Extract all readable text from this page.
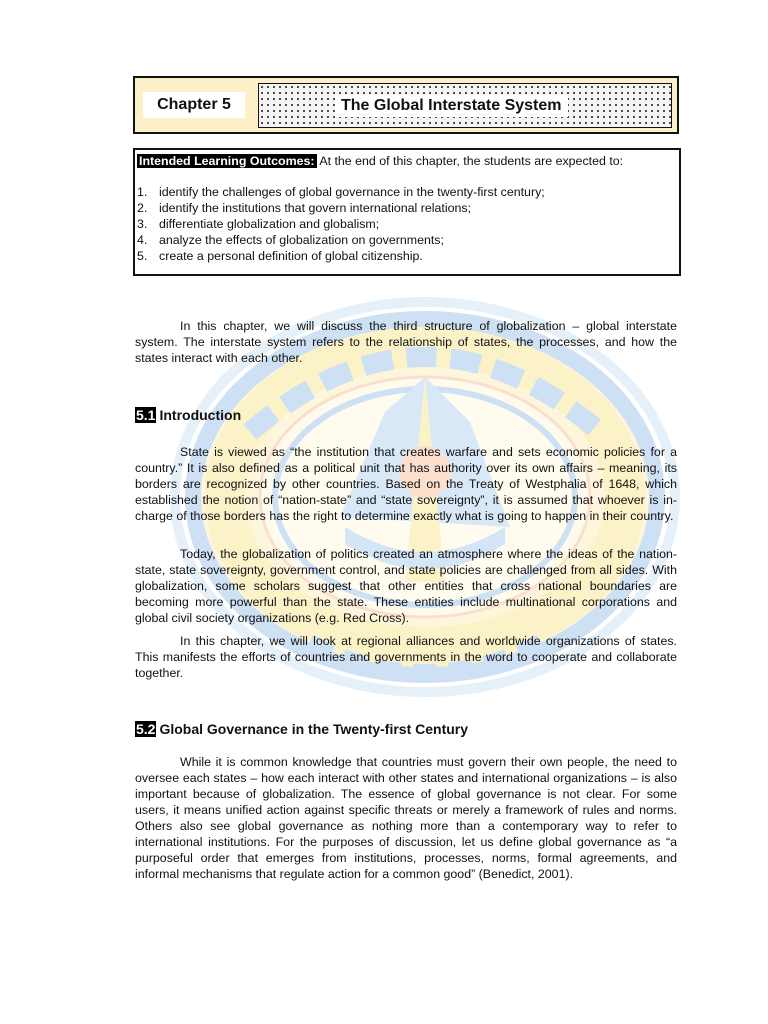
Chapter 5	The Global Interstate System
Intended Learning Outcomes: At the end of this chapter, the students are expected to:
1. identify the challenges of global governance in the twenty-first century;
2. identify the institutions that govern international relations;
3. differentiate globalization and globalism;
4. analyze the effects of globalization on governments;
5. create a personal definition of global citizenship.

In this chapter, we will discuss the third structure of globalization – global interstate system. The interstate system refers to the relationship of states, the processes, and how the states interact with each other.

5.1 Introduction

State is viewed as “the institution that creates warfare and sets economic policies for a country.” It is also defined as a political unit that has authority over its own affairs – meaning, its borders are recognized by other countries. Based on the Treaty of Westphalia of 1648, which established the notion of “nation-state” and “state sovereignty”, it is assumed that whoever is in-charge of those borders has the right to determine exactly what is going to happen in their country.

Today, the globalization of politics created an atmosphere where the ideas of the nation-state, state sovereignty, government control, and state policies are challenged from all sides. With globalization, some scholars suggest that other entities that cross national boundaries are becoming more powerful than the state. These entities include multinational corporations and global civil society organizations (e.g. Red Cross).

In this chapter, we will look at regional alliances and worldwide organizations of states. This manifests the efforts of countries and governments in the word to cooperate and collaborate together.

5.2 Global Governance in the Twenty-first Century

While it is common knowledge that countries must govern their own people, the need to oversee each states – how each interact with other states and international organizations – is also important because of globalization. The essence of global governance is not clear. For some users, it means unified action against specific threats or merely a framework of rules and norms. Others also see global governance as nothing more than a contemporary way to refer to international institutions. For the purposes of discussion, let us define global governance as “a purposeful order that emerges from institutions, processes, norms, formal agreements, and informal mechanisms that regulate action for a common good” (Benedict, 2001).
